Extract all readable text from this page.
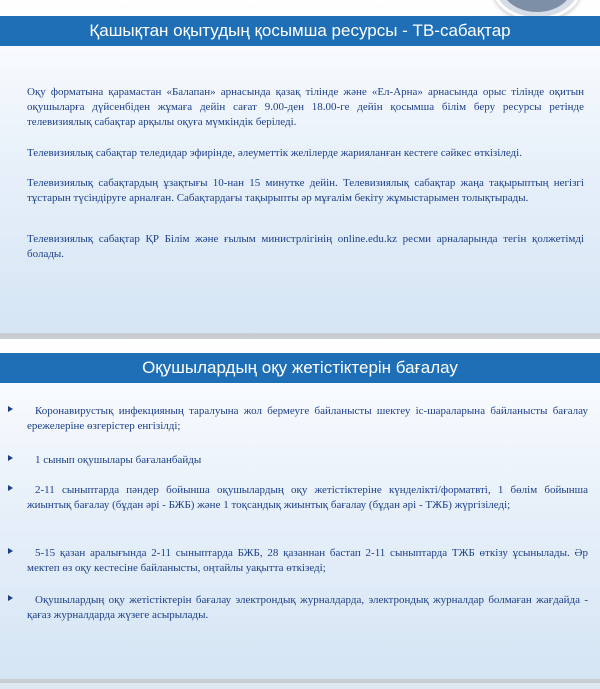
Қашықтан оқытудың қосымша ресурсы - ТВ-сабақтар

Оқу форматына қарамастан «Балапан» арнасында қазақ тілінде және «Ел-Арна» арнасында орыс тілінде оқитын оқушыларға дүйсенбіден жұмаға дейін сағат 9.00-ден 18.00-ге дейін қосымша білім беру ресурсы ретінде телевизиялық сабақтар арқылы оқуға мүмкіндік беріледі.

Телевизиялық сабақтар теледидар эфирінде, әлеуметтік желілерде жарияланған кестеге сәйкес өткізіледі.

Телевизиялық сабақтардың ұзақтығы 10-нан 15 минутке дейін. Телевизиялық сабақтар жаңа тақырыптың негізгі тұстарын түсіндіруге арналған. Сабақтардағы тақырыпты әр мұғалім бекіту жұмыстарымен толықтырады.

Телевизиялық сабақтар ҚР Білім және ғылым министрлігінің online.edu.kz ресми арналарында тегін қолжетімді болады.

Оқушылардың оқу жетістіктерін бағалау

Коронавирустық инфекцияның таралуына жол бермеуге байланысты шектеу іс-шараларына байланысты бағалау ережелеріне өзгерістер енгізілді;

1 сынып оқушылары бағаланбайды

2-11 сыныптарда пәндер бойынша оқушылардың оқу жетістіктеріне күнделікті/форматвті, 1 бөлім бойынша жиынтық бағалау (бұдан әрі - БЖБ) және 1 тоқсандық жиынтық бағалау (бұдан әрі - ТЖБ) жүргізіледі;

5-15 қазан аралығында 2-11 сыныптарда БЖБ, 28 қазаннан бастап 2-11 сыныптарда ТЖБ өткізу ұсынылады. Әр мектеп өз оқу кестесіне байланысты, оңтайлы уақытта өткізеді;

Оқушылардың оқу жетістіктерін бағалау электрондық журналдарда, электрондық журналдар болмаған жағдайда - қағаз журналдарда жүзеге асырылады.
